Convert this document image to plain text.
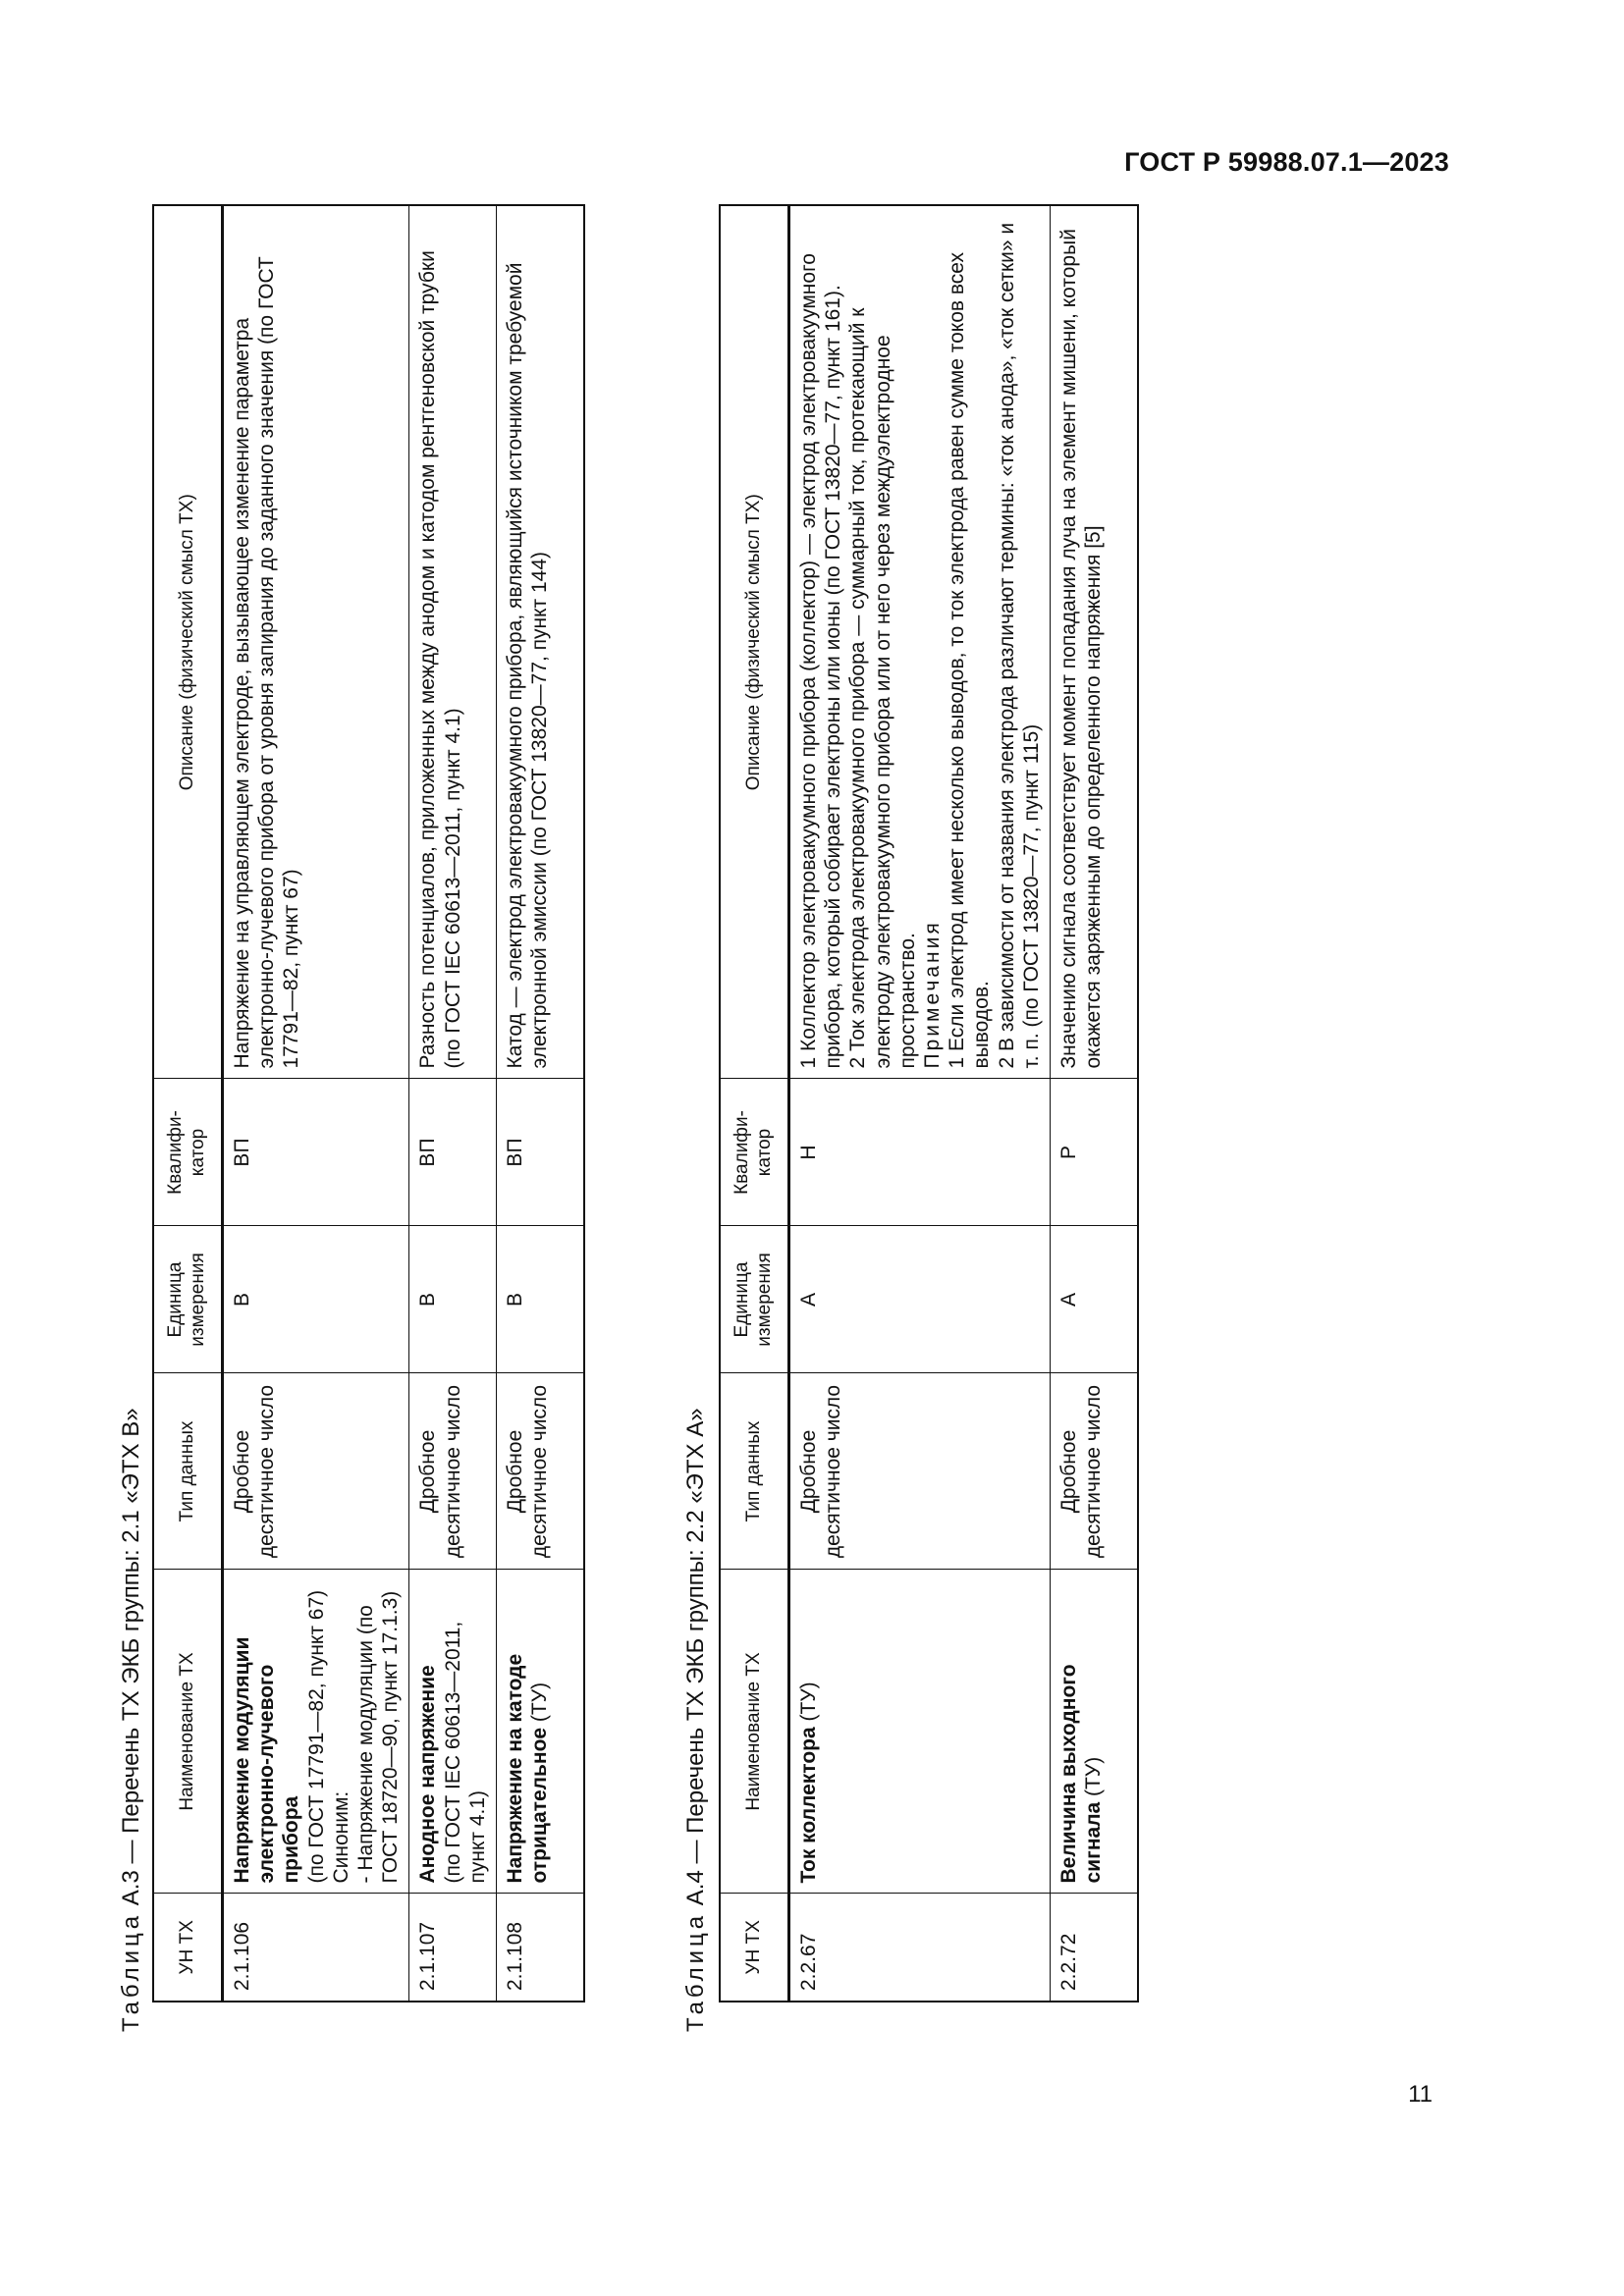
ГОСТ Р 59988.07.1—2023
Таблица А.3 — Перечень ТХ ЭКБ группы: 2.1 «ЭТХ В»
УН ТХ	Наименование ТХ	Тип данных	Единица измерения	Квалифи-катор	Описание (физический смысл ТХ)
2.1.106	Напряжение модуляции электронно-лучевого прибора (по ГОСТ 17791—82, пункт 67) Синоним: - Напряжение модуляции (по ГОСТ 18720—90, пункт 17.1.3)	Дробное десятичное число	В	ВП	Напряжение на управляющем электроде, вызывающее изменение параметра электронно-лучевого прибора от уровня запирания до заданного значения (по ГОСТ 17791—82, пункт 67)
2.1.107	Анодное напряжение (по ГОСТ IEC 60613—2011, пункт 4.1)	Дробное десятичное число	В	ВП	Разность потенциалов, приложенных между анодом и катодом рентгеновской трубки (по ГОСТ IEC 60613—2011, пункт 4.1)
2.1.108	Напряжение на катоде отрицательное (ТУ)	Дробное десятичное число	В	ВП	Катод — электрод электровакуумного прибора, являющийся источником требуемой электронной эмиссии (по ГОСТ 13820—77, пункт 144)
Таблица А.4 — Перечень ТХ ЭКБ группы: 2.2 «ЭТХ А»
УН ТХ	Наименование ТХ	Тип данных	Единица измерения	Квалифи-катор	Описание (физический смысл ТХ)
2.2.67	Ток коллектора (ТУ)	Дробное десятичное число	А	Н	1 Коллектор электровакуумного прибора (коллектор) — электрод электровакуумного прибора, который собирает электроны или ионы (по ГОСТ 13820—77, пункт 161). 2 Ток электрода электровакуумного прибора — суммарный ток, протекающий к электроду электровакуумного прибора или от него через междуэлектродное пространство. Примечания 1 Если электрод имеет несколько выводов, то ток электрода равен сумме токов всех выводов. 2 В зависимости от названия электрода различают термины: «ток анода», «ток сетки» и т. п. (по ГОСТ 13820—77, пункт 115)

2.2.72	Величина выходного сигнала (ТУ)	Дробное десятичное число	А	Р	Значению сигнала соответствует момент попадания луча на элемент мишени, который окажется заряженным до определенного напряжения [5]
11
